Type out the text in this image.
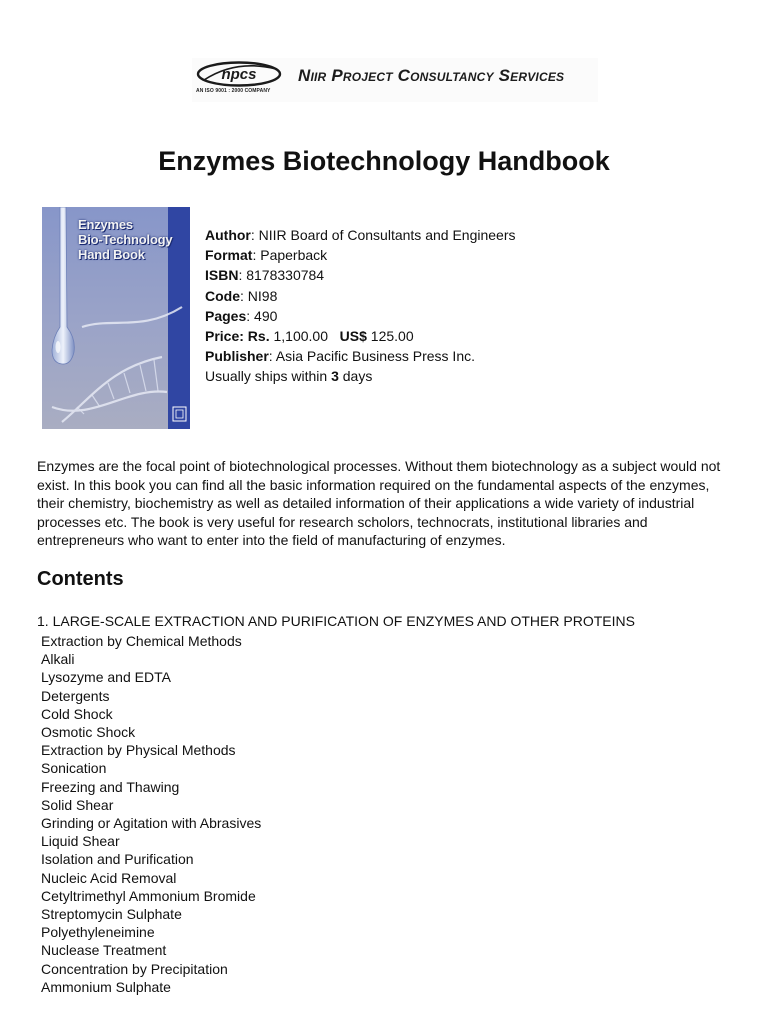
npcs
AN ISO 9001 : 2000 COMPANY
Niir Project Consultancy Services
Enzymes Biotechnology Handbook
Enzymes
Bio-Technology
Hand Book
Author: NIIR Board of Consultants and Engineers
Format: Paperback
ISBN: 8178330784
Code: NI98
Pages: 490
Price: Rs. 1,100.00 US$ 125.00
Publisher: Asia Pacific Business Press Inc.
Usually ships within 3 days

Enzymes are the focal point of biotechnological processes. Without them biotechnology as a subject would not exist. In this book you can find all the basic information required on the fundamental aspects of the enzymes, their chemistry, biochemistry as well as detailed information of their applications a wide variety of industrial processes etc. The book is very useful for research scholors, technocrats, institutional libraries and entrepreneurs who want to enter into the field of manufacturing of enzymes.

Contents
1. LARGE-SCALE EXTRACTION AND PURIFICATION OF ENZYMES AND OTHER PROTEINS
Extraction by Chemical Methods
Alkali
Lysozyme and EDTA
Detergents
Cold Shock
Osmotic Shock
Extraction by Physical Methods
Sonication
Freezing and Thawing
Solid Shear
Grinding or Agitation with Abrasives
Liquid Shear
Isolation and Purification
Nucleic Acid Removal
Cetyltrimethyl Ammonium Bromide
Streptomycin Sulphate
Polyethyleneimine
Nuclease Treatment
Concentration by Precipitation
Ammonium Sulphate
